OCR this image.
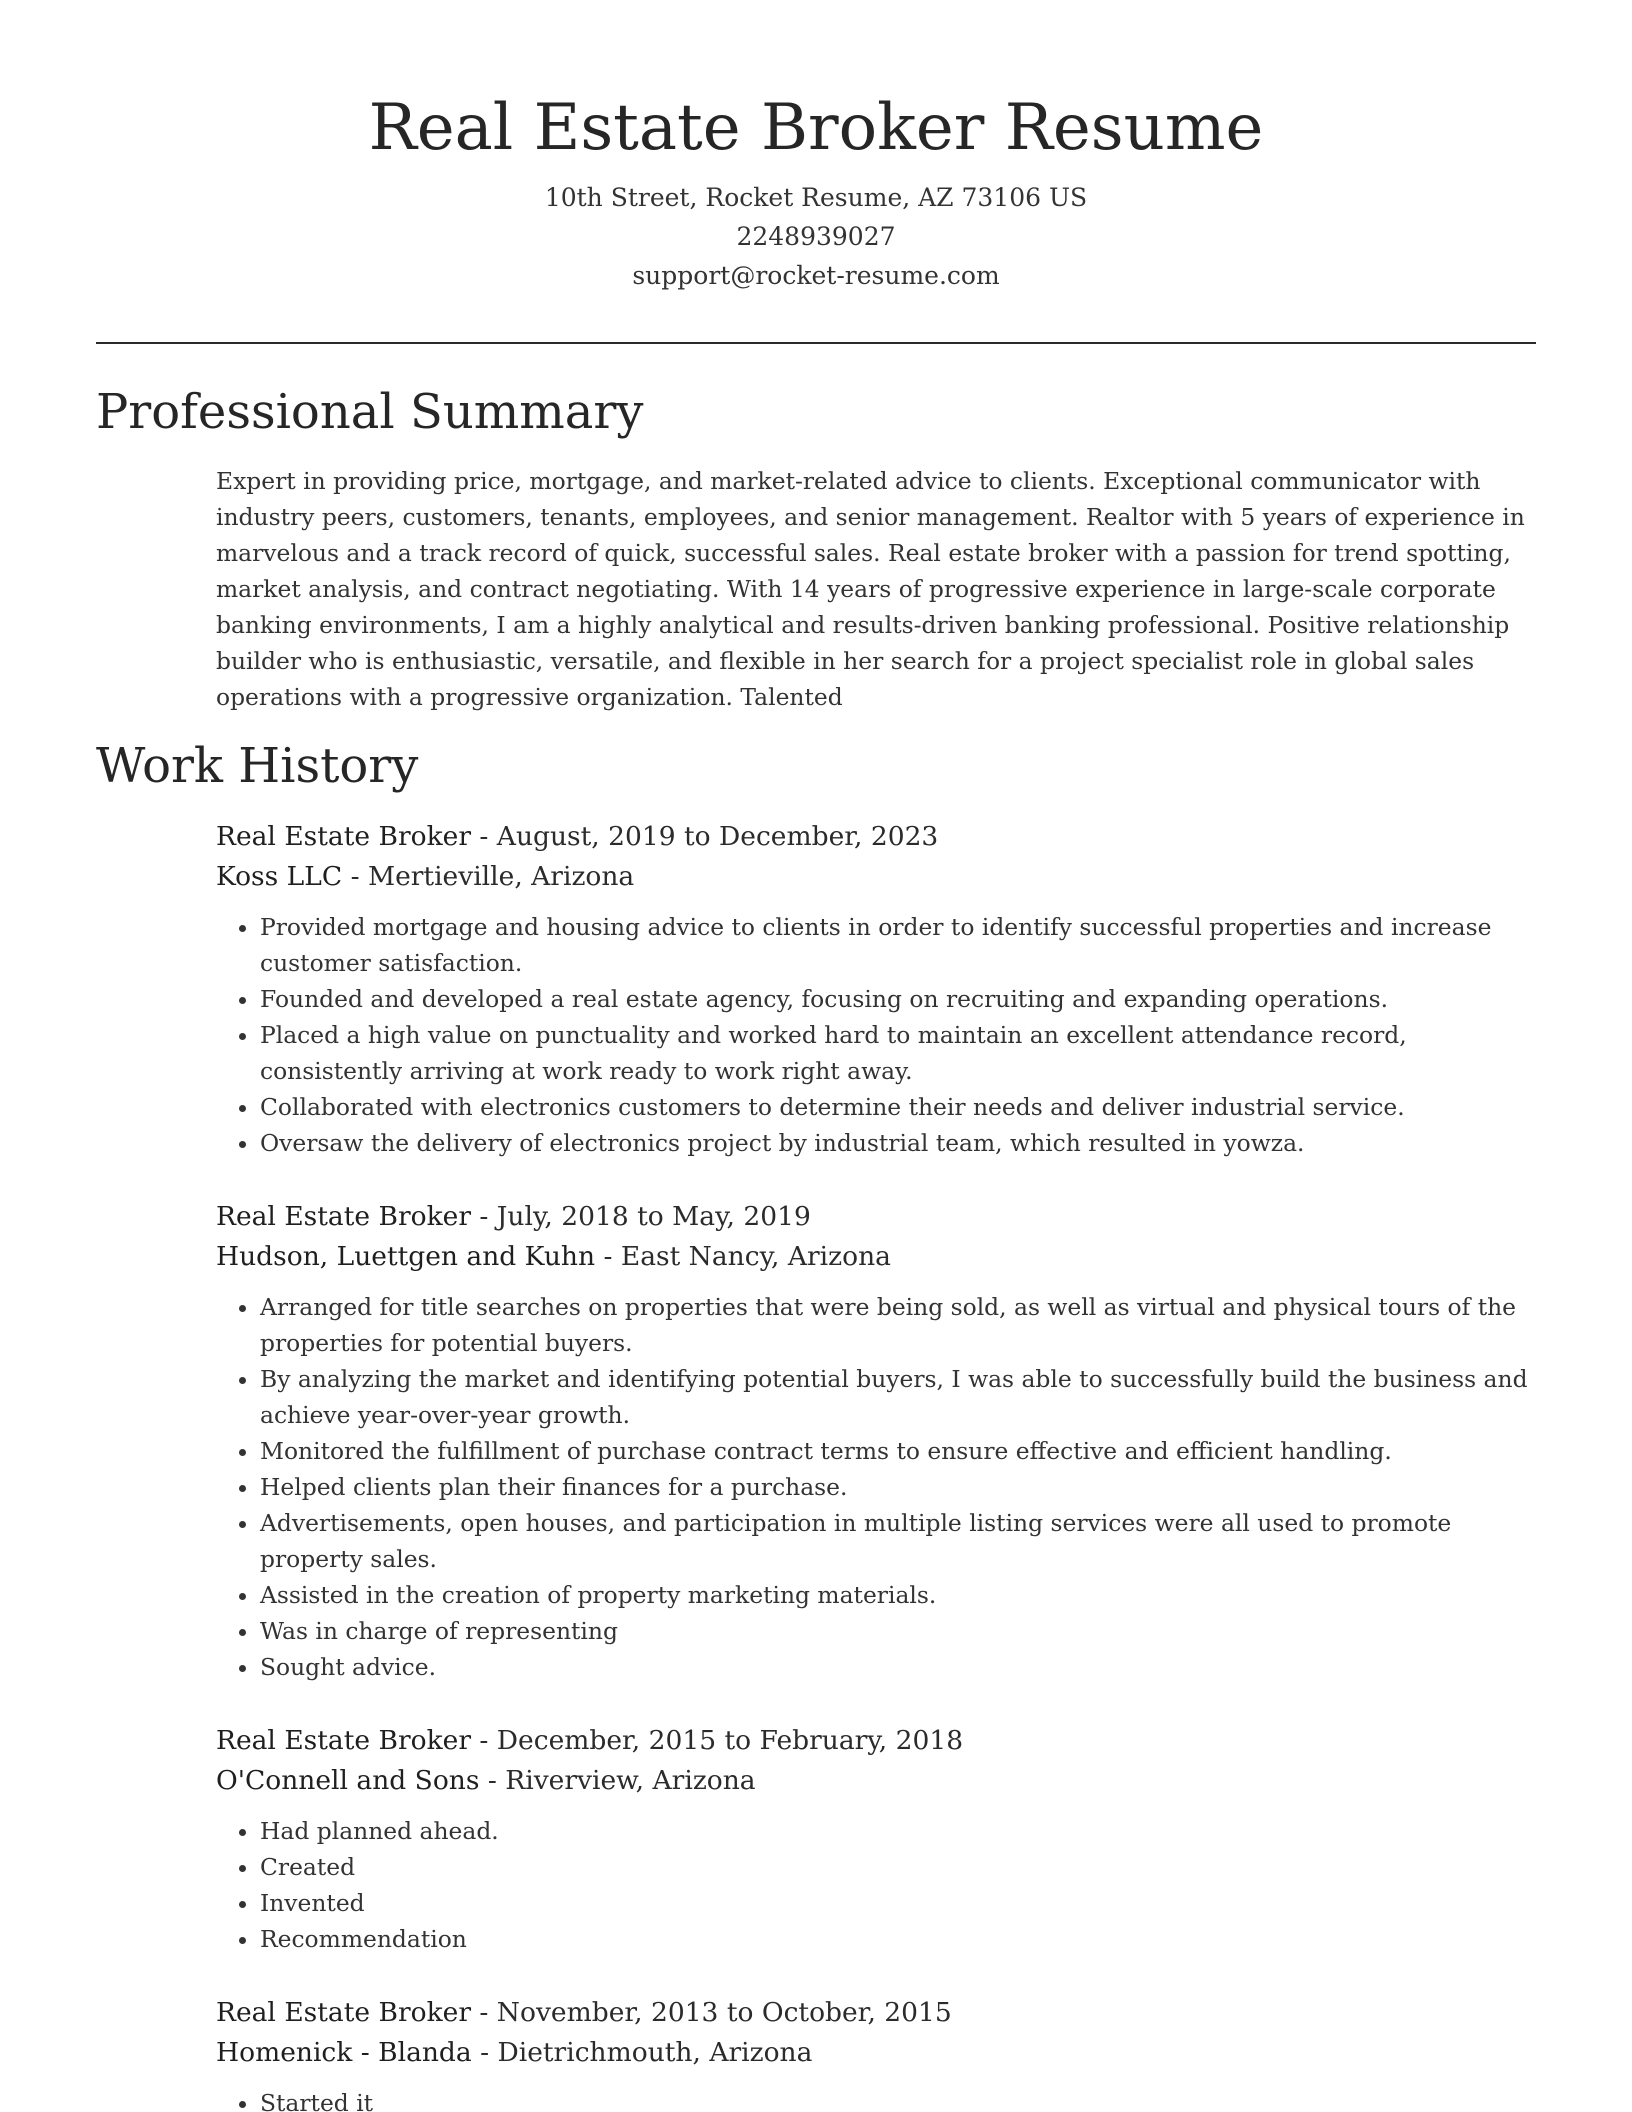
Real Estate Broker Resume
10th Street, Rocket Resume, AZ 73106 US
2248939027
support@rocket-resume.com
Professional Summary

Expert in providing price, mortgage, and market-related advice to clients. Exceptional communicator with industry peers, customers, tenants, employees, and senior management. Realtor with 5 years of experience in marvelous and a track record of quick, successful sales. Real estate broker with a passion for trend spotting, market analysis, and contract negotiating. With 14 years of progressive experience in large-scale corporate banking environments, I am a highly analytical and results-driven banking professional. Positive relationship builder who is enthusiastic, versatile, and flexible in her search for a project specialist role in global sales operations with a progressive organization. Talented

Work History
Real Estate Broker - August, 2019 to December, 2023
Koss LLC - Mertieville, Arizona
• Provided mortgage and housing advice to clients in order to identify successful properties and increase customer satisfaction.
• Founded and developed a real estate agency, focusing on recruiting and expanding operations.
• Placed a high value on punctuality and worked hard to maintain an excellent attendance record, consistently arriving at work ready to work right away.
• Collaborated with electronics customers to determine their needs and deliver industrial service.
• Oversaw the delivery of electronics project by industrial team, which resulted in yowza.
Real Estate Broker - July, 2018 to May, 2019
Hudson, Luettgen and Kuhn - East Nancy, Arizona
• Arranged for title searches on properties that were being sold, as well as virtual and physical tours of the properties for potential buyers.
• By analyzing the market and identifying potential buyers, I was able to successfully build the business and achieve year-over-year growth.
• Monitored the fulfillment of purchase contract terms to ensure effective and efficient handling.
• Helped clients plan their finances for a purchase.
• Advertisements, open houses, and participation in multiple listing services were all used to promote property sales.
• Assisted in the creation of property marketing materials.
• Was in charge of representing
• Sought advice.
Real Estate Broker - December, 2015 to February, 2018
O'Connell and Sons - Riverview, Arizona
• Had planned ahead.
• Created
• Invented
• Recommendation
Real Estate Broker - November, 2013 to October, 2015
Homenick - Blanda - Dietrichmouth, Arizona
• Started it
